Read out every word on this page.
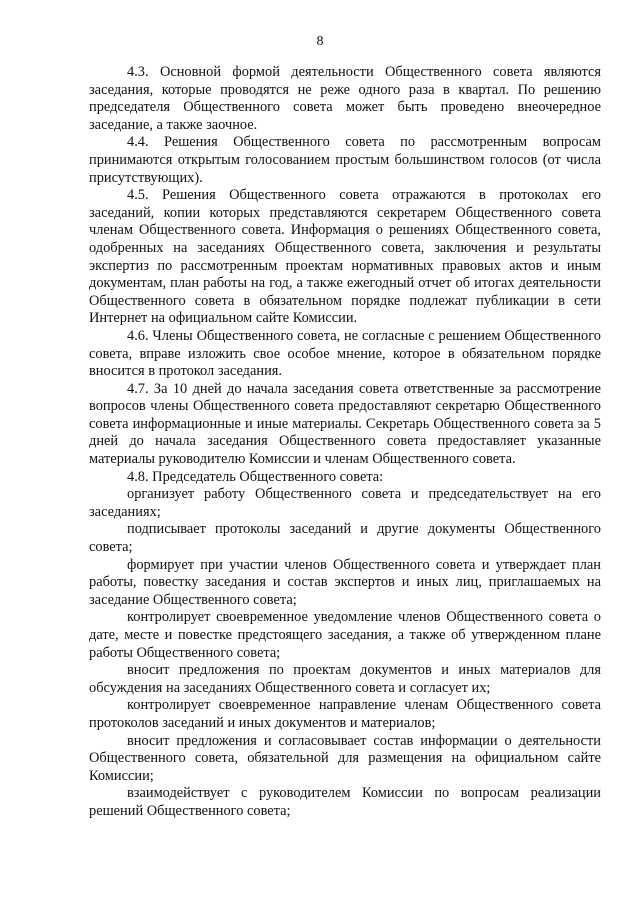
8

4.3. Основной формой деятельности Общественного совета являются заседания, которые проводятся не реже одного раза в квартал. По решению председателя Общественного совета может быть проведено внеочередное заседание, а также заочное.

4.4. Решения Общественного совета по рассмотренным вопросам принимаются открытым голосованием простым большинством голосов (от числа присутствующих).

4.5. Решения Общественного совета отражаются в протоколах его заседаний, копии которых представляются секретарем Общественного совета членам Общественного совета. Информация о решениях Общественного совета, одобренных на заседаниях Общественного совета, заключения и результаты экспертиз по рассмотренным проектам нормативных правовых актов и иным документам, план работы на год, а также ежегодный отчет об итогах деятельности Общественного совета в обязательном порядке подлежат публикации в сети Интернет на официальном сайте Комиссии.

4.6. Члены Общественного совета, не согласные с решением Общественного совета, вправе изложить свое особое мнение, которое в обязательном порядке вносится в протокол заседания.

4.7. За 10 дней до начала заседания совета ответственные за рассмотрение вопросов члены Общественного совета предоставляют секретарю Общественного совета информационные и иные материалы. Секретарь Общественного совета за 5 дней до начала заседания Общественного совета предоставляет указанные материалы руководителю Комиссии и членам Общественного совета.

4.8. Председатель Общественного совета:

организует работу Общественного совета и председательствует на его заседаниях;

подписывает протоколы заседаний и другие документы Общественного совета;

формирует при участии членов Общественного совета и утверждает план работы, повестку заседания и состав экспертов и иных лиц, приглашаемых на заседание Общественного совета;

контролирует своевременное уведомление членов Общественного совета о дате, месте и повестке предстоящего заседания, а также об утвержденном плане работы Общественного совета;

вносит предложения по проектам документов и иных материалов для обсуждения на заседаниях Общественного совета и согласует их;

контролирует своевременное направление членам Общественного совета протоколов заседаний и иных документов и материалов;

вносит предложения и согласовывает состав информации о деятельности Общественного совета, обязательной для размещения на официальном сайте Комиссии;

взаимодействует с руководителем Комиссии по вопросам реализации решений Общественного совета;
